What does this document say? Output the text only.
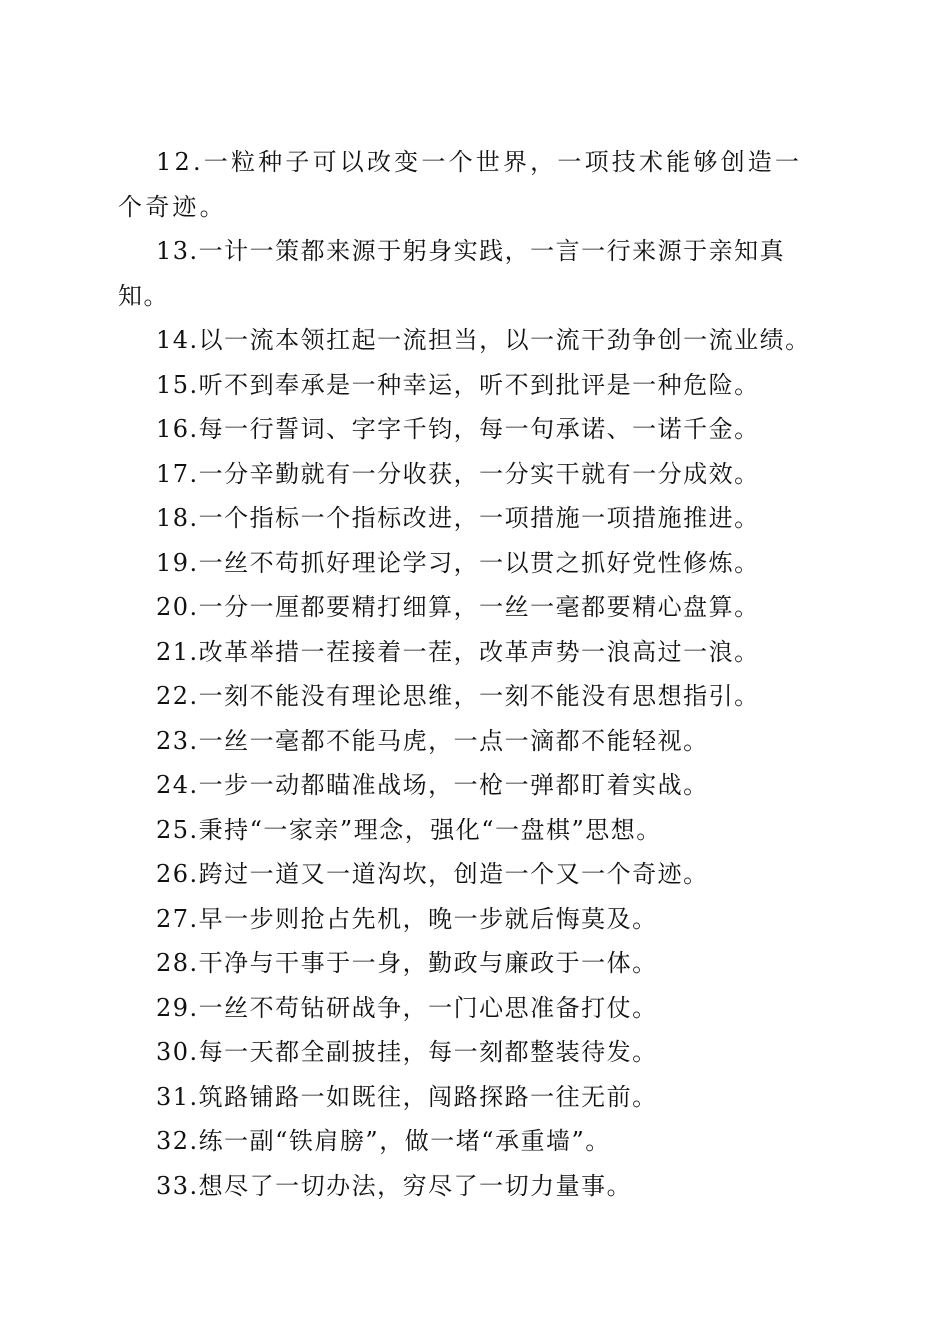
12.一粒种子可以改变一个世界，一项技术能够创造一个奇迹。

13.一计一策都来源于躬身实践，一言一行来源于亲知真知。

14.以一流本领扛起一流担当，以一流干劲争创一流业绩。

15.听不到奉承是一种幸运，听不到批评是一种危险。

16.每一行誓词、字字千钧，每一句承诺、一诺千金。

17.一分辛勤就有一分收获，一分实干就有一分成效。

18.一个指标一个指标改进，一项措施一项措施推进。

19.一丝不苟抓好理论学习，一以贯之抓好党性修炼。

20.一分一厘都要精打细算，一丝一毫都要精心盘算。

21.改革举措一茬接着一茬，改革声势一浪高过一浪。

22.一刻不能没有理论思维，一刻不能没有思想指引。

23.一丝一毫都不能马虎，一点一滴都不能轻视。

24.一步一动都瞄准战场，一枪一弹都盯着实战。

25.秉持“一家亲”理念，强化“一盘棋”思想。

26.跨过一道又一道沟坎，创造一个又一个奇迹。

27.早一步则抢占先机，晚一步就后悔莫及。

28.干净与干事于一身，勤政与廉政于一体。

29.一丝不苟钻研战争，一门心思准备打仗。

30.每一天都全副披挂，每一刻都整装待发。

31.筑路铺路一如既往，闯路探路一往无前。

32.练一副“铁肩膀”，做一堵“承重墙”。

33.想尽了一切办法，穷尽了一切力量事。
